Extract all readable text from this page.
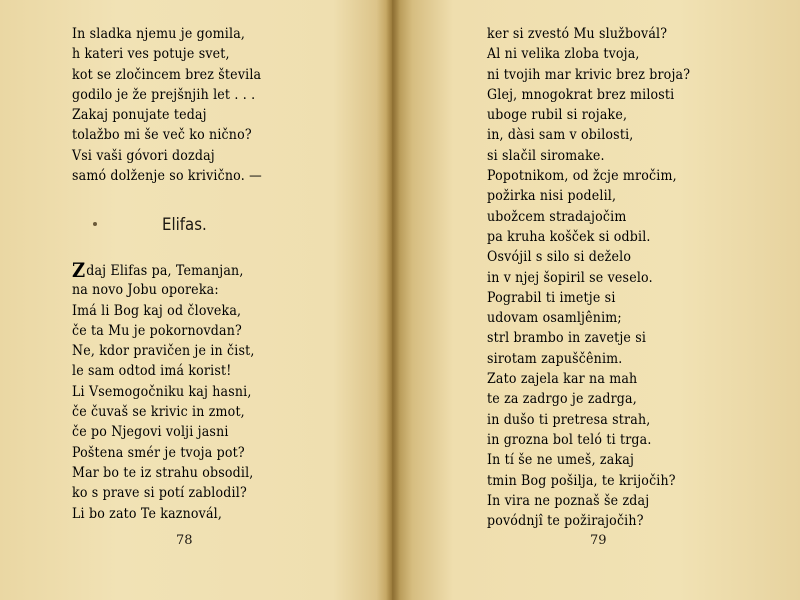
In sladka njemu je gomila,
h kateri ves potuje svet,
kot se zločincem brez števila
godilo je že prejšnjih let . . .
Zakaj ponujate tedaj
tolažbo mi še več ko nično?
Vsi vaši góvori dozdaj
samó dolženje so krivično. —
Elifas.
Zdaj Elifas pa, Temanjan,
na novo Jobu oporeka:
Imá li Bog kaj od človeka,
če ta Mu je pokornovdan?
Ne, kdor pravičen je in čist,
le sam odtod imá korist!
Li Vsemogočniku kaj hasni,
če čuvaš se krivic in zmot,
če po Njegovi volji jasni
Poštena smér je tvoja pot?
Mar bo te iz strahu obsodil,
ko s prave si potí zablodil?
Li bo zato Te kaznovál,
78
ker si zvestó Mu službovál?
Al ni velika zloba tvoja,
ni tvojih mar krivic brez broja?
Glej, mnogokrat brez milosti
uboge rubil si rojake,
in, dàsi sam v obilosti,
si slačil siromake.
Popotnikom, od žcje mročim,
požirka nisi podelil,
ubožcem stradajočim
pa kruha košček si odbil.
Osvójil s silo si deželo
in v njej šopiril se veselo.
Pograbil ti imetje si
udovam osamljênim;
strl brambo in zavetje si
sirotam zapuščênim.
Zato zajela kar na mah
te za zadrgo je zadrga,
in dušo ti pretresa strah,
in grozna bol teló ti trga.
In tí še ne umeš, zakaj
tmin Bog pošilja, te krijočih?
In vira ne poznaš še zdaj
povódnjî te požirajočih?
79
